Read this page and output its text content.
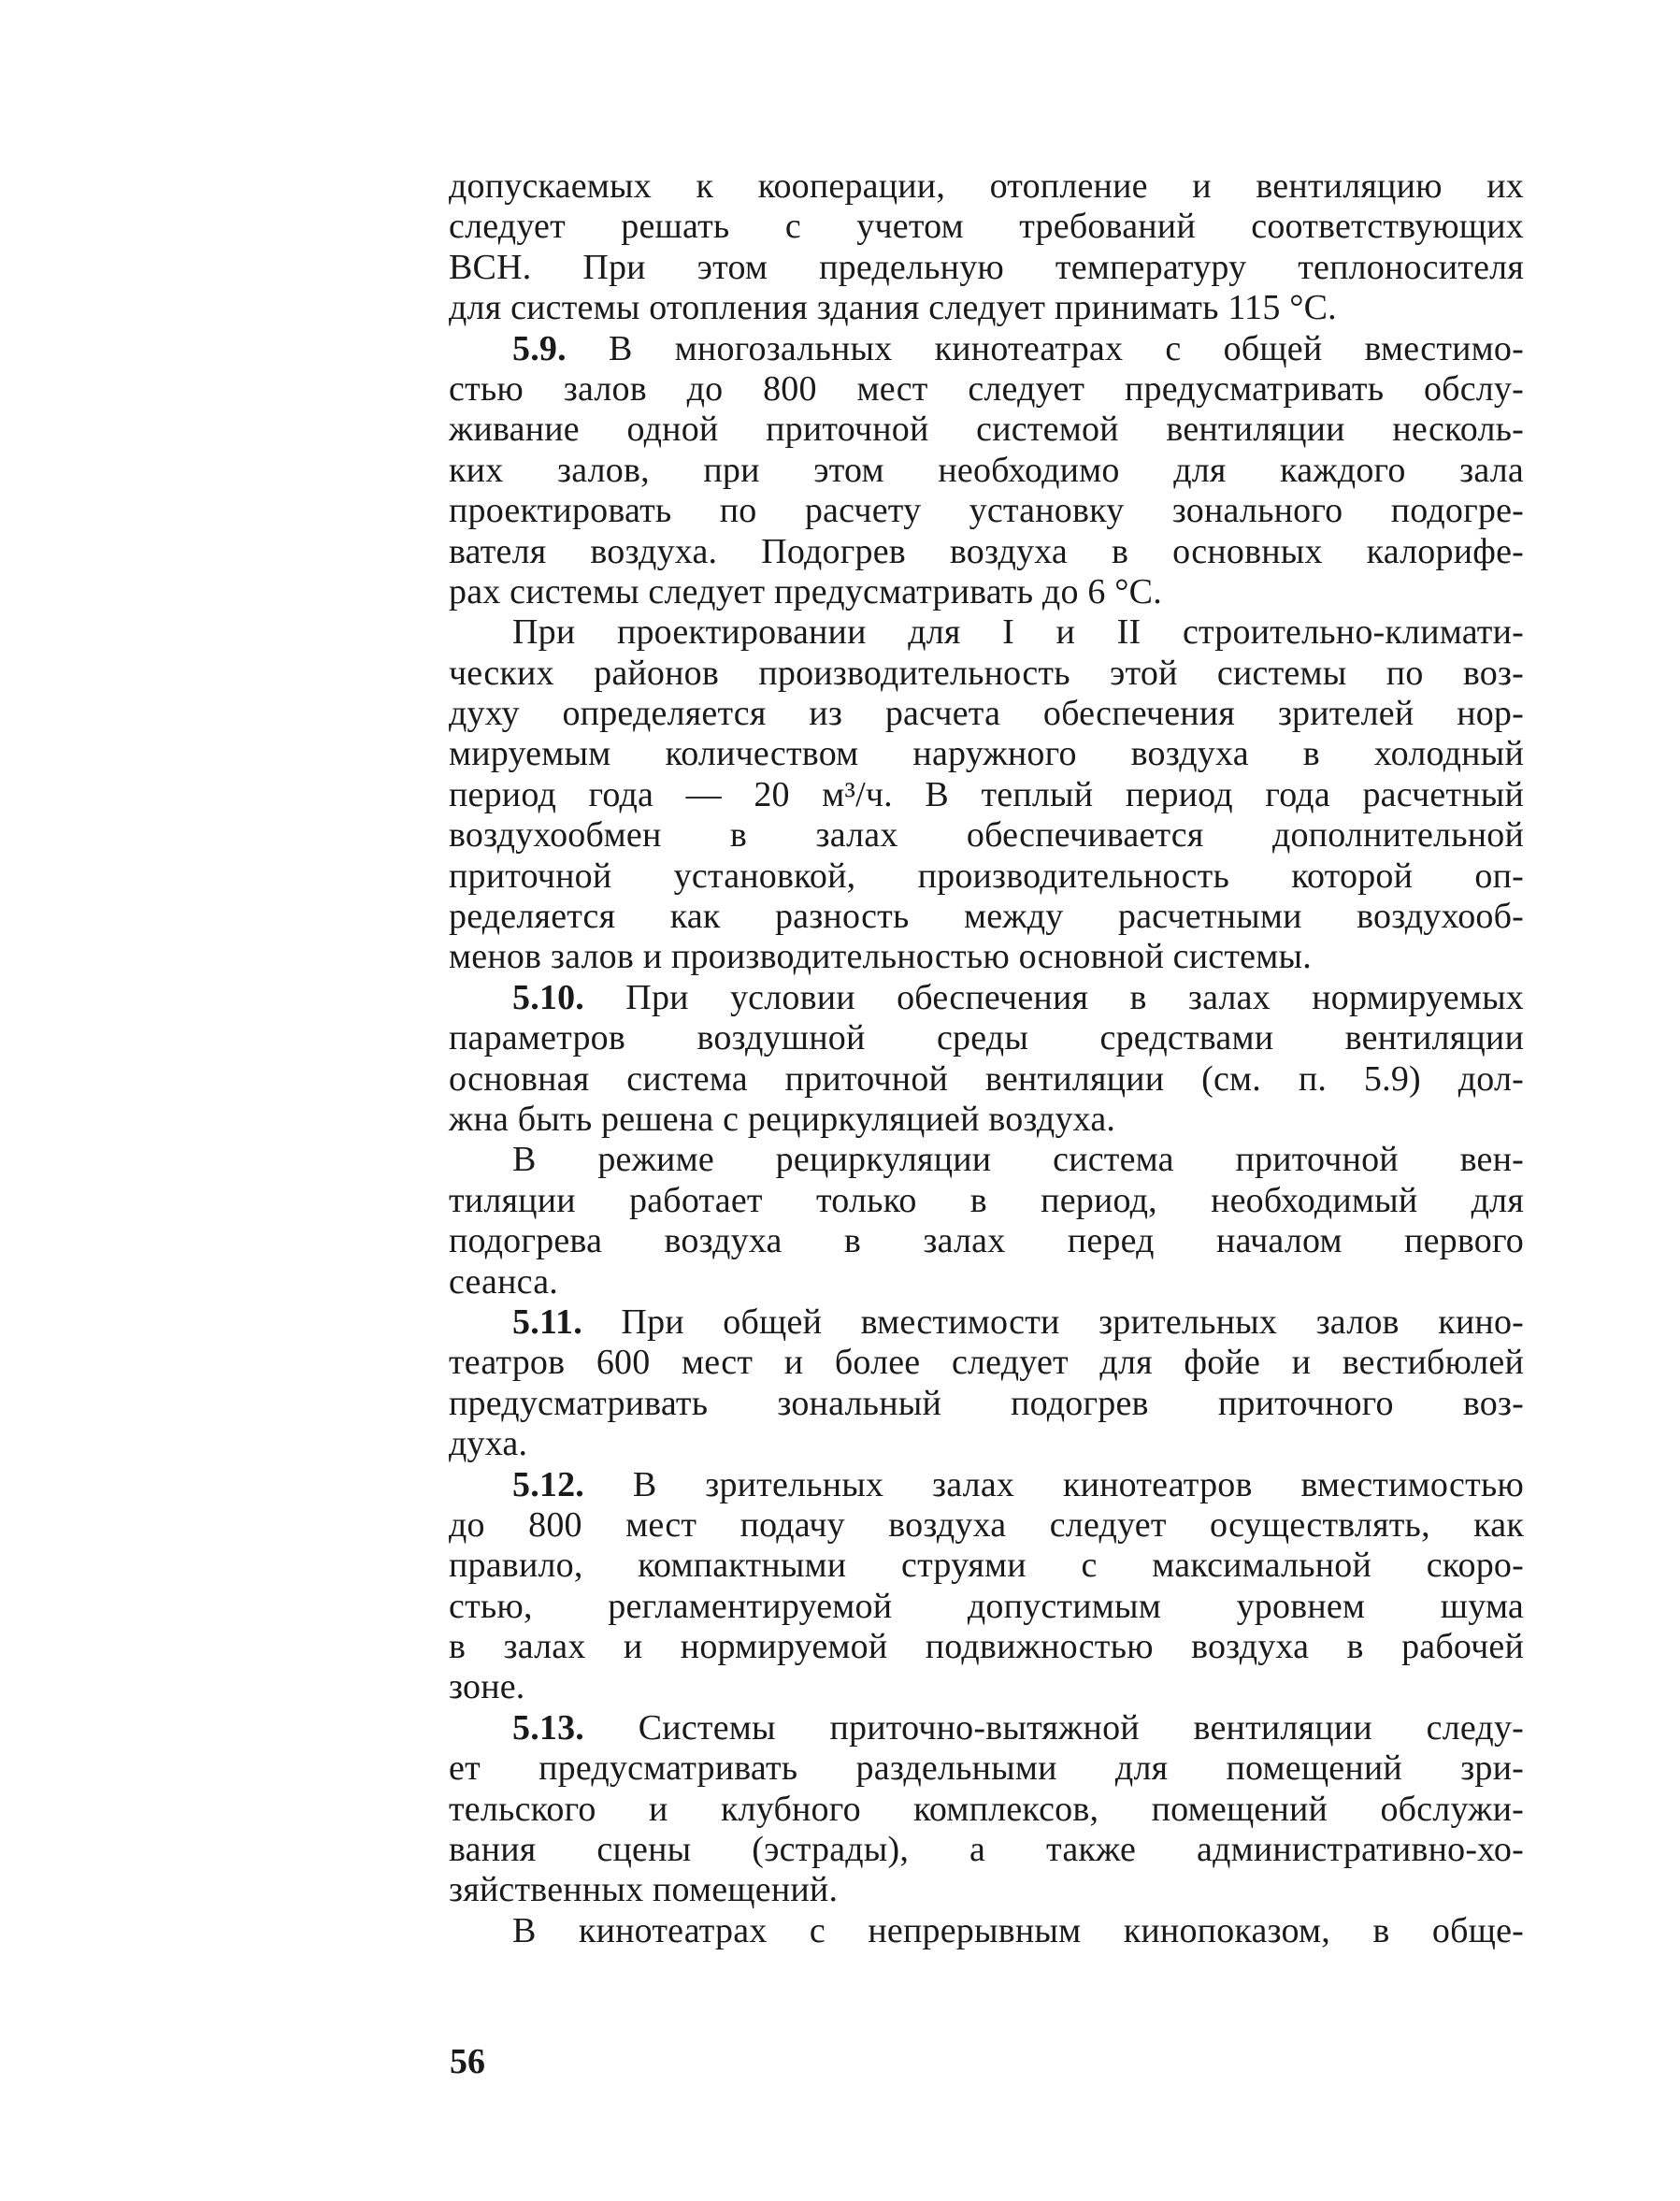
допускаемых к кооперации, отопление и вентиляцию их
следует решать с учетом требований соответствующих
ВСН. При этом предельную температуру теплоносителя
для системы отопления здания следует принимать 115 °С.
5.9. В многозальных кинотеатрах с общей вместимо-
стью залов до 800 мест следует предусматривать обслу-
живание одной приточной системой вентиляции несколь-
ких залов, при этом необходимо для каждого зала
проектировать по расчету установку зонального подогре-
вателя воздуха. Подогрев воздуха в основных калорифе-
рах системы следует предусматривать до 6 °С.
При проектировании для I и II строительно-климати-
ческих районов производительность этой системы по воз-
духу определяется из расчета обеспечения зрителей нор-
мируемым количеством наружного воздуха в холодный
период года — 20 м³/ч. В теплый период года расчетный
воздухообмен в залах обеспечивается дополнительной
приточной установкой, производительность которой оп-
ределяется как разность между расчетными воздухооб-
менов залов и производительностью основной системы.
5.10. При условии обеспечения в залах нормируемых
параметров воздушной среды средствами вентиляции
основная система приточной вентиляции (см. п. 5.9) дол-
жна быть решена с рециркуляцией воздуха.
В режиме рециркуляции система приточной вен-
тиляции работает только в период, необходимый для
подогрева воздуха в залах перед началом первого
сеанса.
5.11. При общей вместимости зрительных залов кино-
театров 600 мест и более следует для фойе и вестибюлей
предусматривать зональный подогрев приточного воз-
духа.
5.12. В зрительных залах кинотеатров вместимостью
до 800 мест подачу воздуха следует осуществлять, как
правило, компактными струями с максимальной скоро-
стью, регламентируемой допустимым уровнем шума
в залах и нормируемой подвижностью воздуха в рабочей
зоне.
5.13. Системы приточно-вытяжной вентиляции следу-
ет предусматривать раздельными для помещений зри-
тельского и клубного комплексов, помещений обслужи-
вания сцены (эстрады), а также административно-хо-
зяйственных помещений.
В кинотеатрах с непрерывным кинопоказом, в обще-
56
